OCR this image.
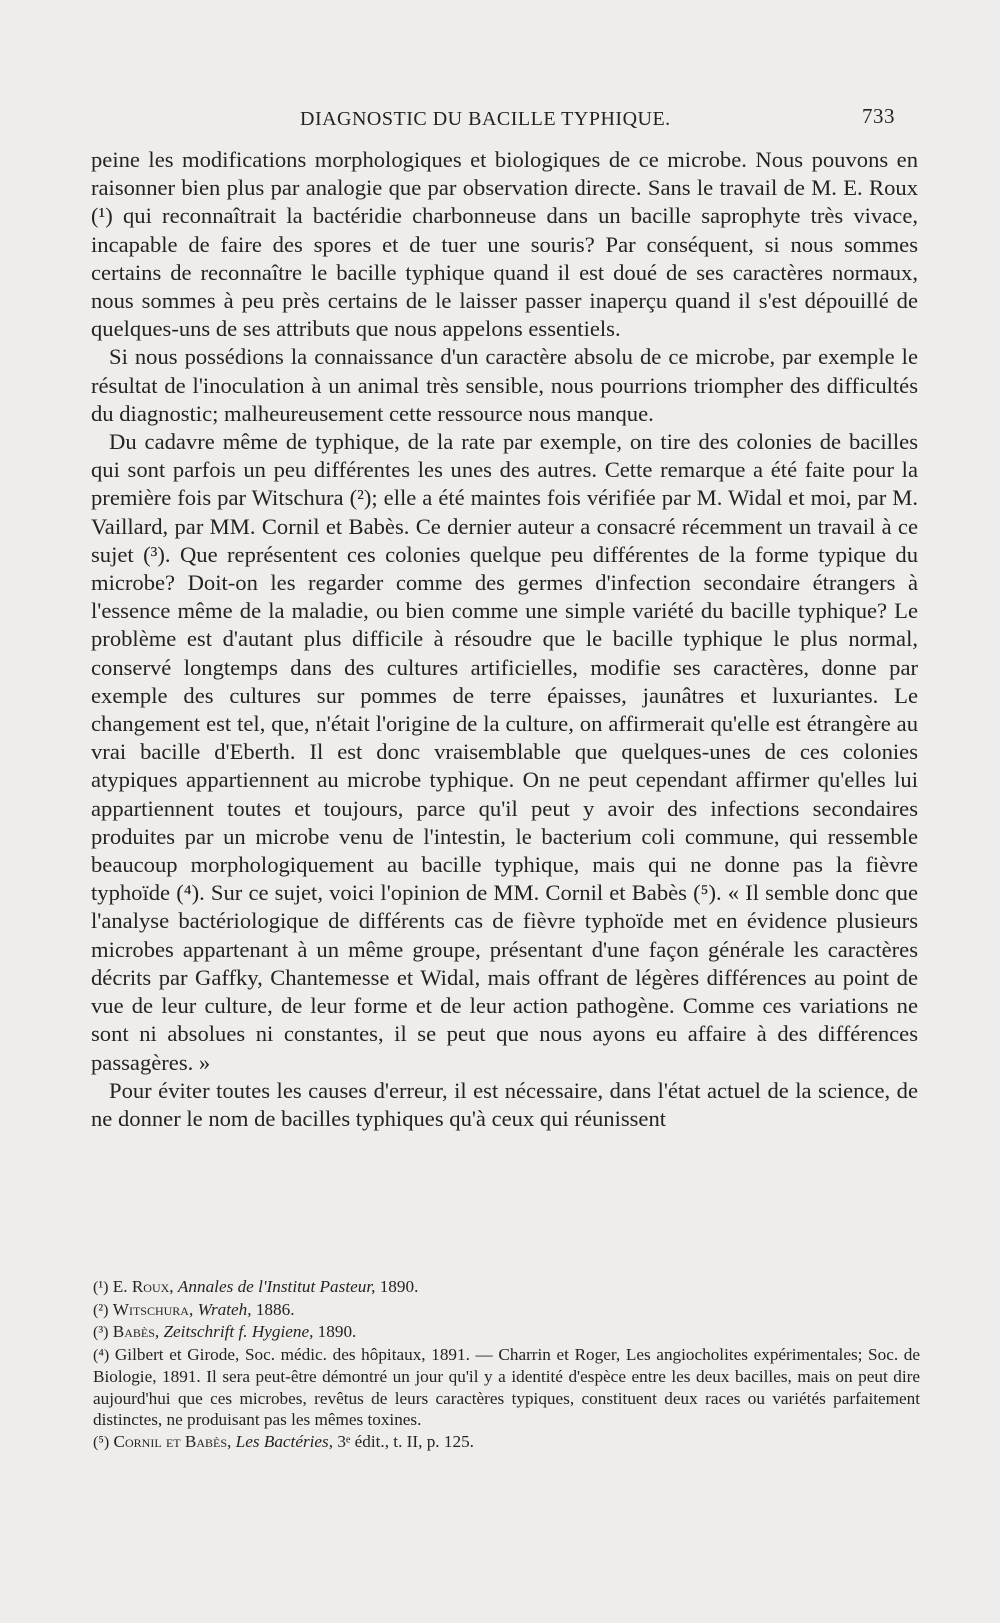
DIAGNOSTIC DU BACILLE TYPHIQUE.	733

peine les modifications morphologiques et biologiques de ce microbe. Nous pouvons en raisonner bien plus par analogie que par observation directe. Sans le travail de M. E. Roux (¹) qui reconnaîtrait la bactéridie charbonneuse dans un bacille saprophyte très vivace, incapable de faire des spores et de tuer une souris? Par conséquent, si nous sommes certains de reconnaître le bacille typhique quand il est doué de ses caractères normaux, nous sommes à peu près certains de le laisser passer inaperçu quand il s'est dépouillé de quelques-uns de ses attributs que nous appelons essentiels.

Si nous possédions la connaissance d'un caractère absolu de ce microbe, par exemple le résultat de l'inoculation à un animal très sensible, nous pourrions triompher des difficultés du diagnostic; malheureusement cette ressource nous manque.

Du cadavre même de typhique, de la rate par exemple, on tire des colonies de bacilles qui sont parfois un peu différentes les unes des autres. Cette remarque a été faite pour la première fois par Witschura (²); elle a été maintes fois vérifiée par M. Widal et moi, par M. Vaillard, par MM. Cornil et Babès. Ce dernier auteur a consacré récemment un travail à ce sujet (³). Que représentent ces colonies quelque peu différentes de la forme typique du microbe? Doit-on les regarder comme des germes d'infection secondaire étrangers à l'essence même de la maladie, ou bien comme une simple variété du bacille typhique? Le problème est d'autant plus difficile à résoudre que le bacille typhique le plus normal, conservé longtemps dans des cultures artificielles, modifie ses caractères, donne par exemple des cultures sur pommes de terre épaisses, jaunâtres et luxuriantes. Le changement est tel, que, n'était l'origine de la culture, on affirmerait qu'elle est étrangère au vrai bacille d'Eberth. Il est donc vraisemblable que quelques-unes de ces colonies atypiques appartiennent au microbe typhique. On ne peut cependant affirmer qu'elles lui appartiennent toutes et toujours, parce qu'il peut y avoir des infections secondaires produites par un microbe venu de l'intestin, le bacterium coli commune, qui ressemble beaucoup morphologiquement au bacille typhique, mais qui ne donne pas la fièvre typhoïde (⁴). Sur ce sujet, voici l'opinion de MM. Cornil et Babès (⁵). « Il semble donc que l'analyse bactériologique de différents cas de fièvre typhoïde met en évidence plusieurs microbes appartenant à un même groupe, présentant d'une façon générale les caractères décrits par Gaffky, Chantemesse et Widal, mais offrant de légères différences au point de vue de leur culture, de leur forme et de leur action pathogène. Comme ces variations ne sont ni absolues ni constantes, il se peut que nous ayons eu affaire à des différences passagères. »

Pour éviter toutes les causes d'erreur, il est nécessaire, dans l'état actuel de la science, de ne donner le nom de bacilles typhiques qu'à ceux qui réunissent

(¹) E. Roux, Annales de l'Institut Pasteur, 1890.

(²) Witschura, Wrateh, 1886.

(³) Babès, Zeitschrift f. Hygiene, 1890.

(⁴) Gilbert et Girode, Soc. médic. des hôpitaux, 1891. — Charrin et Roger, Les angiocholites expérimentales; Soc. de Biologie, 1891. Il sera peut-être démontré un jour qu'il y a identité d'espèce entre les deux bacilles, mais on peut dire aujourd'hui que ces microbes, revêtus de leurs caractères typiques, constituent deux races ou variétés parfaitement distinctes, ne produisant pas les mêmes toxines.

(⁵) Cornil et Babès, Les Bactéries, 3ᵉ édit., t. II, p. 125.
